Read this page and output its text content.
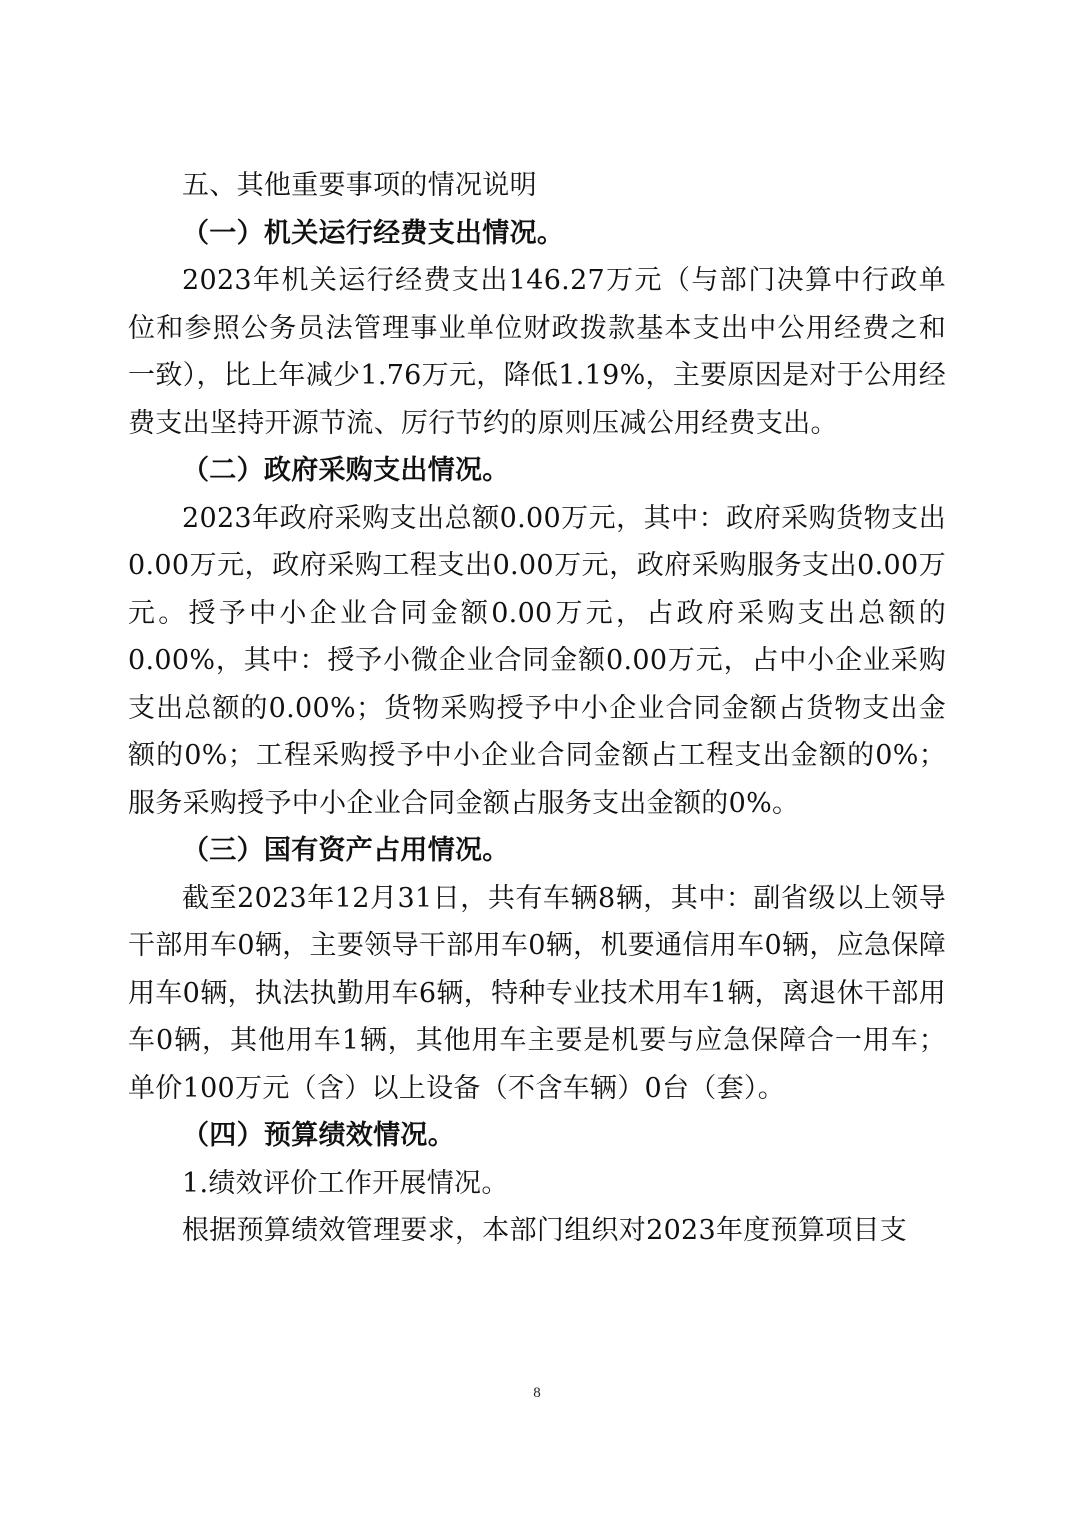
五、其他重要事项的情况说明

（一）机关运行经费支出情况。

2023年机关运行经费支出146.27万元（与部门决算中行政单位和参照公务员法管理事业单位财政拨款基本支出中公用经费之和一致），比上年减少1.76万元，降低1.19%，主要原因是对于公用经费支出坚持开源节流、厉行节约的原则压减公用经费支出。

（二）政府采购支出情况。

2023年政府采购支出总额0.00万元，其中：政府采购货物支出0.00万元，政府采购工程支出0.00万元，政府采购服务支出0.00万元。授予中小企业合同金额0.00万元，占政府采购支出总额的0.00%，其中：授予小微企业合同金额0.00万元，占中小企业采购支出总额的0.00%；货物采购授予中小企业合同金额占货物支出金额的0%；工程采购授予中小企业合同金额占工程支出金额的0%；服务采购授予中小企业合同金额占服务支出金额的0%。

（三）国有资产占用情况。

截至2023年12月31日，共有车辆8辆，其中：副省级以上领导干部用车0辆，主要领导干部用车0辆，机要通信用车0辆，应急保障用车0辆，执法执勤用车6辆，特种专业技术用车1辆，离退休干部用车0辆，其他用车1辆，其他用车主要是机要与应急保障合一用车；单价100万元（含）以上设备（不含车辆）0台（套）。

（四）预算绩效情况。

1.绩效评价工作开展情况。

根据预算绩效管理要求，本部门组织对2023年度预算项目支

8
